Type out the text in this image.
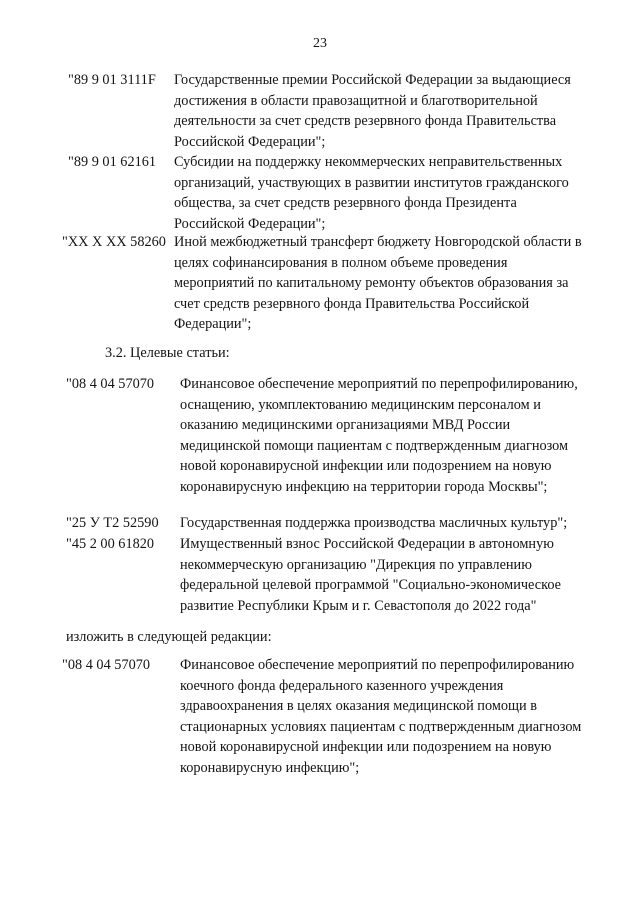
23
"89 9 01 3111F Государственные премии Российской Федерации за выдающиеся достижения в области правозащитной и благотворительной деятельности за счет средств резервного фонда Правительства Российской Федерации";
"89 9 01 62161 Субсидии на поддержку некоммерческих неправительственных организаций, участвующих в развитии институтов гражданского общества, за счет средств резервного фонда Президента Российской Федерации";
"XX X XX 58260 Иной межбюджетный трансферт бюджету Новгородской области в целях софинансирования в полном объеме проведения мероприятий по капитальному ремонту объектов образования за счет средств резервного фонда Правительства Российской Федерации";
3.2. Целевые статьи:
"08 4 04 57070 Финансовое обеспечение мероприятий по перепрофилированию, оснащению, укомплектованию медицинским персоналом и оказанию медицинскими организациями МВД России медицинской помощи пациентам с подтвержденным диагнозом новой коронавирусной инфекции или подозрением на новую коронавирусную инфекцию на территории города Москвы";
"25 У Т2 52590 Государственная поддержка производства масличных культур";
"45 2 00 61820 Имущественный взнос Российской Федерации в автономную некоммерческую организацию "Дирекция по управлению федеральной целевой программой "Социально-экономическое развитие Республики Крым и г. Севастополя до 2022 года"
изложить в следующей редакции:
"08 4 04 57070 Финансовое обеспечение мероприятий по перепрофилированию коечного фонда федерального казенного учреждения здравоохранения в целях оказания медицинской помощи в стационарных условиях пациентам с подтвержденным диагнозом новой коронавирусной инфекции или подозрением на новую коронавирусную инфекцию";
